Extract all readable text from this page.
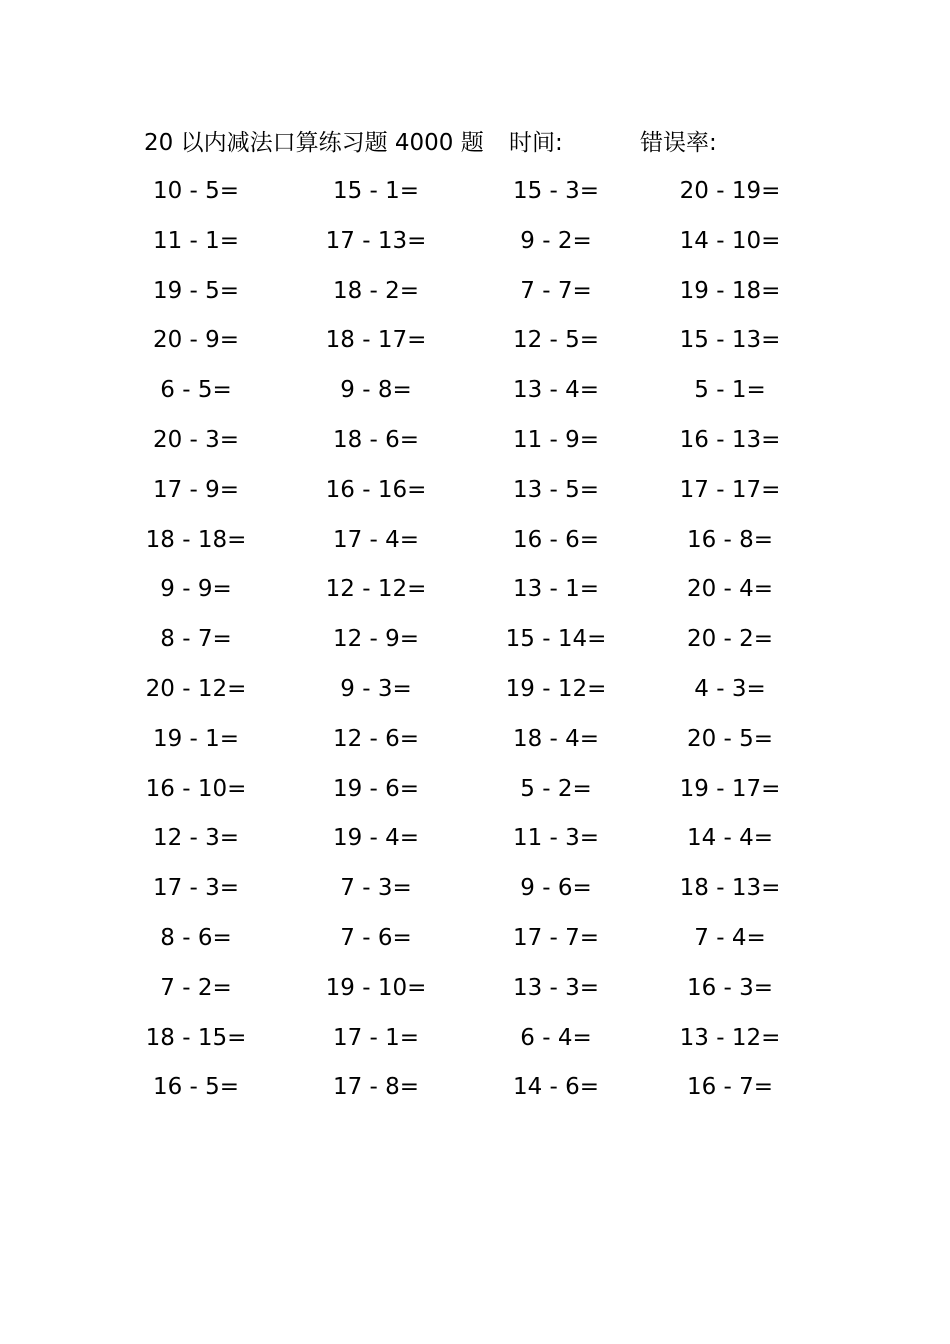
20 以内减法口算练习题 4000 题 时间:	错误率:
10 - 5=	15 - 1=	15 - 3=	20 - 19=
11 - 1=	17 - 13=	9 - 2=	14 - 10=
19 - 5=	18 - 2=	7 - 7=	19 - 18=
20 - 9=	18 - 17=	12 - 5=	15 - 13=
6 - 5=	9 - 8=	13 - 4=	5 - 1=
20 - 3=	18 - 6=	11 - 9=	16 - 13=
17 - 9=	16 - 16=	13 - 5=	17 - 17=
18 - 18=	17 - 4=	16 - 6=	16 - 8=
9 - 9=	12 - 12=	13 - 1=	20 - 4=
8 - 7=	12 - 9=	15 - 14=	20 - 2=
20 - 12=	9 - 3=	19 - 12=	4 - 3=
19 - 1=	12 - 6=	18 - 4=	20 - 5=
16 - 10=	19 - 6=	5 - 2=	19 - 17=
12 - 3=	19 - 4=	11 - 3=	14 - 4=
17 - 3=	7 - 3=	9 - 6=	18 - 13=
8 - 6=	7 - 6=	17 - 7=	7 - 4=
7 - 2=	19 - 10=	13 - 3=	16 - 3=
18 - 15=	17 - 1=	6 - 4=	13 - 12=
16 - 5=	17 - 8=	14 - 6=	16 - 7=
